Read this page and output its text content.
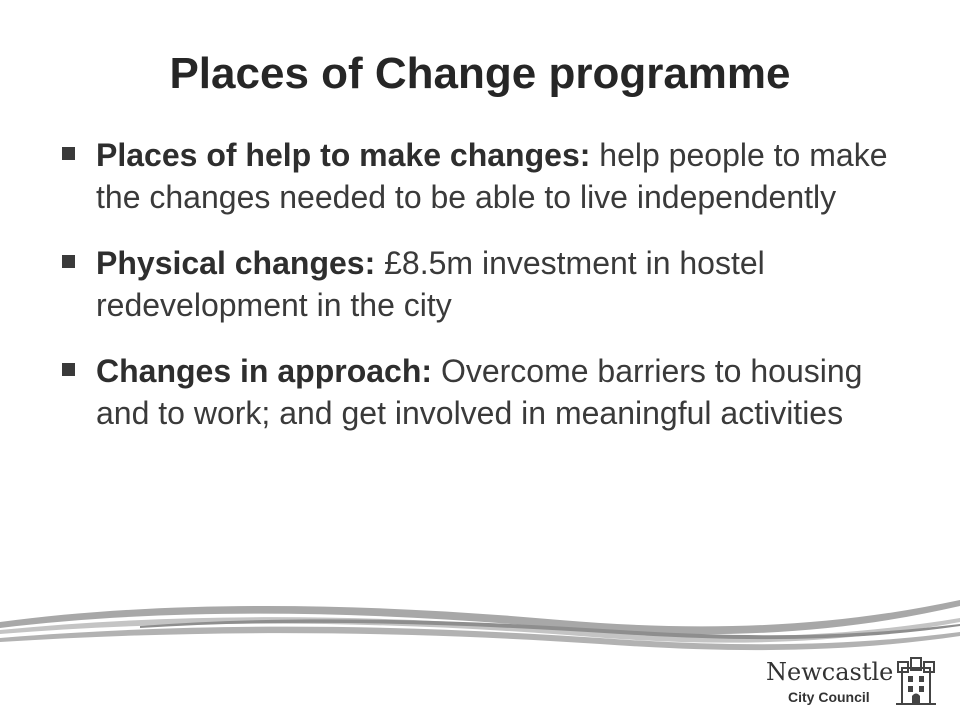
Places of Change programme
Places of help to make changes: help people to make the changes needed to be able to live independently
Physical changes: £8.5m investment in hostel redevelopment in the city
Changes in approach: Overcome barriers to housing and to work; and get involved in meaningful activities
Newcastle
City Council
